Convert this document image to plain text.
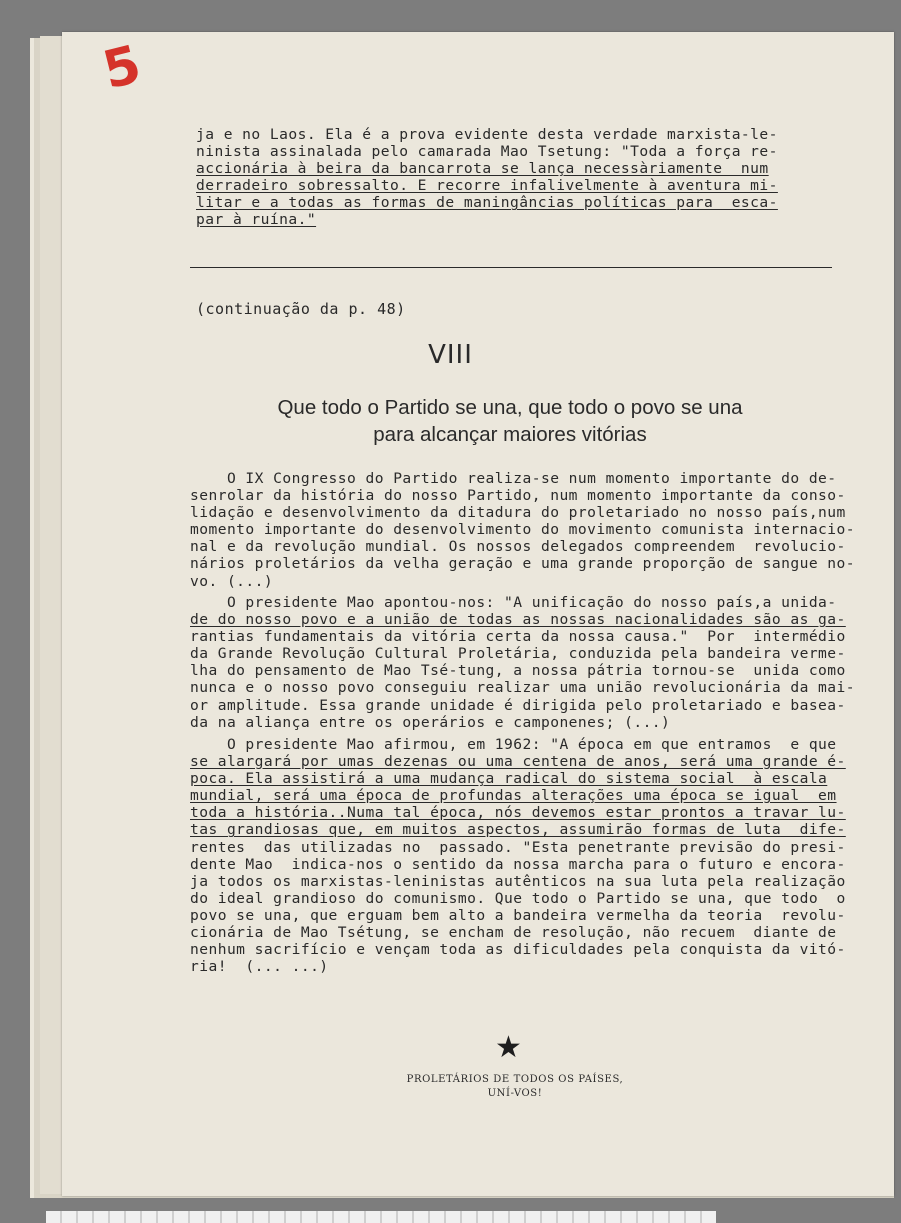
5
ja e no Laos. Ela é a prova evidente desta verdade marxista-le-
ninista assinalada pelo camarada Mao Tsetung: "Toda a força re-
accionária à beira da bancarrota se lança necessàriamente  num
derradeiro sobressalto. E recorre infalivelmente à aventura mi-
litar e a todas as formas de maningâncias políticas para  esca-
par à ruína."
(continuação da p. 48)
VIII
Que todo o Partido se una, que todo o povo se una
para alcançar maiores vitórias
O IX Congresso do Partido realiza-se num momento importante do de-
senrolar da história do nosso Partido, num momento importante da conso-
lidação e desenvolvimento da ditadura do proletariado no nosso país,num
momento importante do desenvolvimento do movimento comunista internacio-
nal e da revolução mundial. Os nossos delegados compreendem  revolucio-
nários proletários da velha geração e uma grande proporção de sangue no-
vo. (...)
O presidente Mao apontou-nos: "A unificação do nosso país,a unida-
de do nosso povo e a união de todas as nossas nacionalidades são as ga-
rantias fundamentais da vitória certa da nossa causa."  Por  intermédio
da Grande Revolução Cultural Proletária, conduzida pela bandeira verme-
lha do pensamento de Mao Tsé-tung, a nossa pátria tornou-se  unida como
nunca e o nosso povo conseguiu realizar uma união revolucionária da mai-
or amplitude. Essa grande unidade é dirigida pelo proletariado e basea-
da na aliança entre os operários e camponenes; (...)
O presidente Mao afirmou, em 1962: "A época em que entramos  e que
se alargará por umas dezenas ou uma centena de anos, será uma grande é-
poca. Ela assistirá a uma mudança radical do sistema social  à escala
mundial, será uma época de profundas alterações uma época se igual  em
toda a história..Numa tal época, nós devemos estar prontos a travar lu-
tas grandiosas que, em muitos aspectos, assumirão formas de luta  dife-
rentes  das utilizadas no  passado. "Esta penetrante previsão do presi-
dente Mao  indica-nos o sentido da nossa marcha para o futuro e encora-
ja todos os marxistas-leninistas autênticos na sua luta pela realização
do ideal grandioso do comunismo. Que todo o Partido se una, que todo  o
povo se una, que erguam bem alto a bandeira vermelha da teoria  revolu-
cionária de Mao Tsétung, se encham de resolução, não recuem  diante de
nenhum sacrifício e vençam toda as dificuldades pela conquista da vitó-
ria!  (... ...)
★
PROLETÁRIOS DE TODOS OS PAÍSES,
UNÍ-VOS!
